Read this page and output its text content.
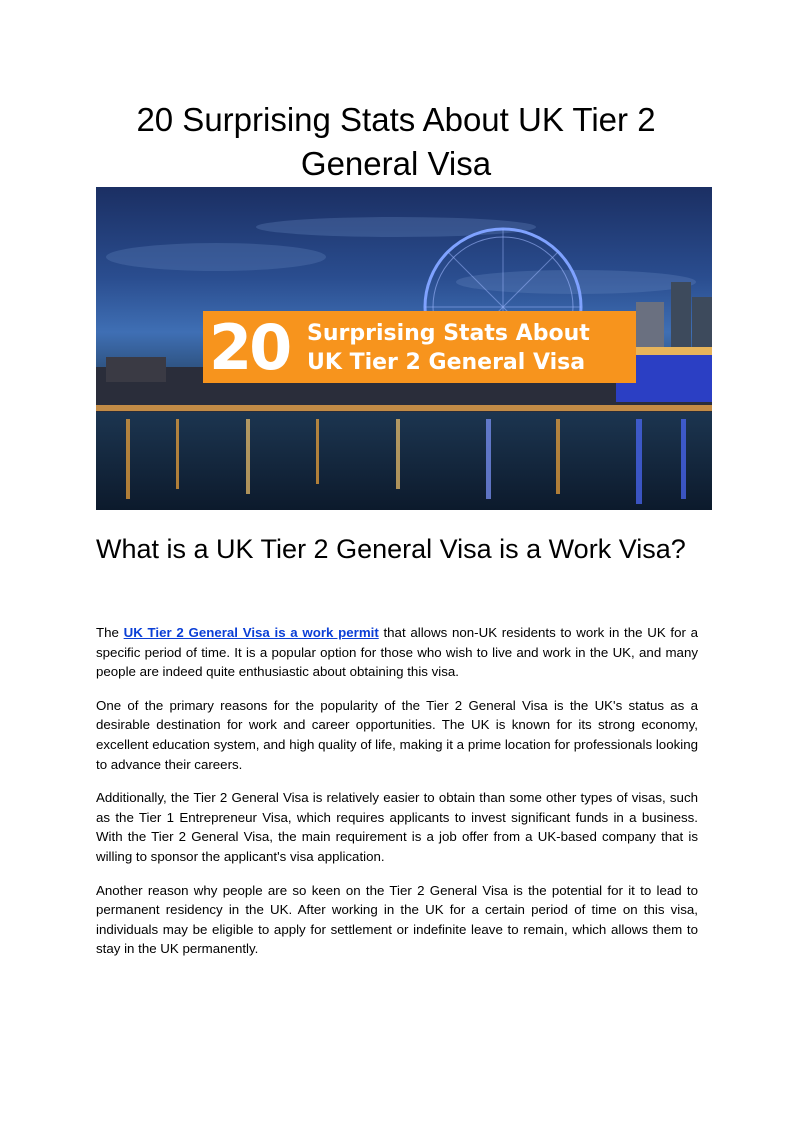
20 Surprising Stats About UK Tier 2 General Visa
20 Surprising Stats About
UK Tier 2 General Visa
What is a UK Tier 2 General Visa is a Work Visa?

The UK Tier 2 General Visa is a work permit that allows non-UK residents to work in the UK for a specific period of time. It is a popular option for those who wish to live and work in the UK, and many people are indeed quite enthusiastic about obtaining this visa.

One of the primary reasons for the popularity of the Tier 2 General Visa is the UK's status as a desirable destination for work and career opportunities. The UK is known for its strong economy, excellent education system, and high quality of life, making it a prime location for professionals looking to advance their careers.

Additionally, the Tier 2 General Visa is relatively easier to obtain than some other types of visas, such as the Tier 1 Entrepreneur Visa, which requires applicants to invest significant funds in a business. With the Tier 2 General Visa, the main requirement is a job offer from a UK-based company that is willing to sponsor the applicant's visa application.

Another reason why people are so keen on the Tier 2 General Visa is the potential for it to lead to permanent residency in the UK. After working in the UK for a certain period of time on this visa, individuals may be eligible to apply for settlement or indefinite leave to remain, which allows them to stay in the UK permanently.
